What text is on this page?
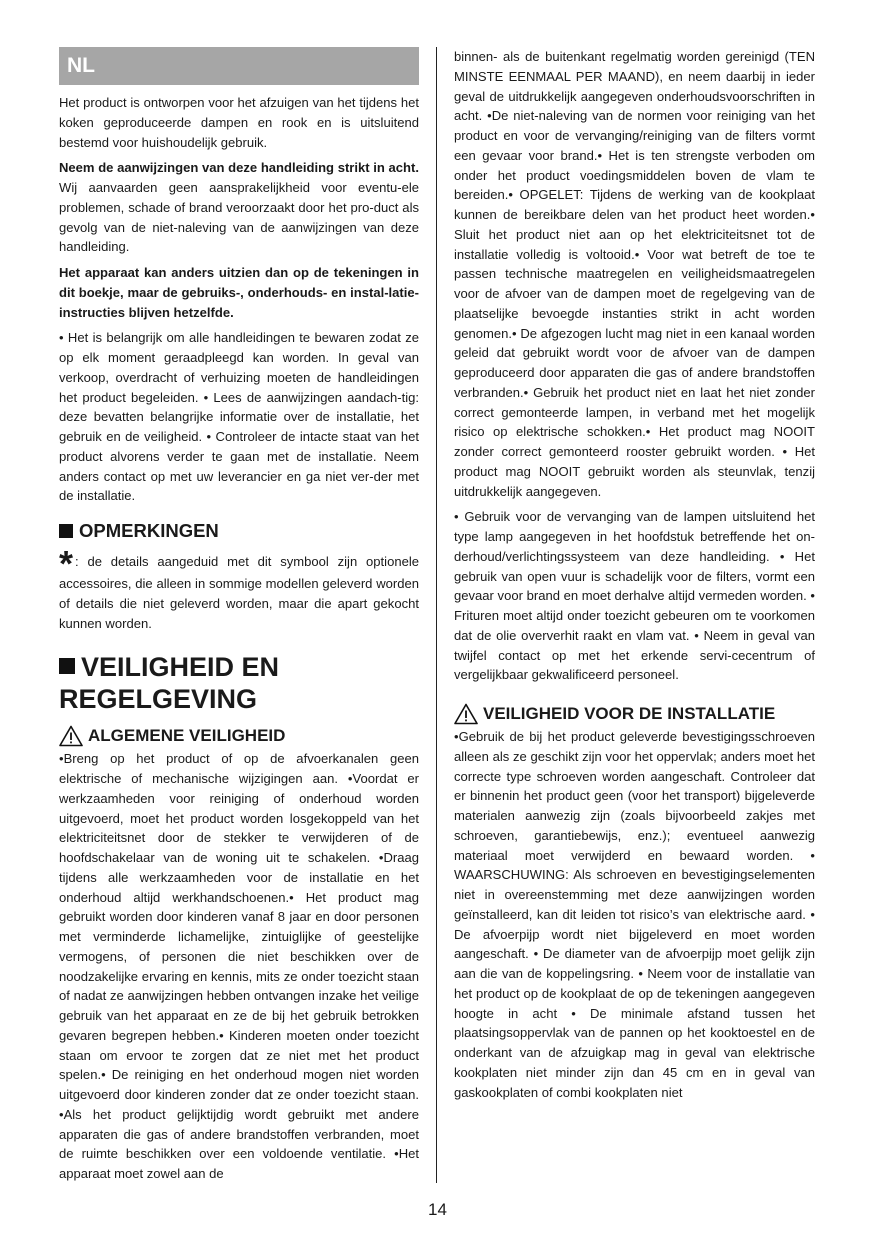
NL

Het product is ontworpen voor het afzuigen van het tijdens het koken geproduceerde dampen en rook en is uitsluitend bestemd voor huishoudelijk gebruik.

Neem de aanwijzingen van deze handleiding strikt in acht. Wij aanvaarden geen aansprakelijkheid voor eventu-ele problemen, schade of brand veroorzaakt door het pro-duct als gevolg van de niet-naleving van de aanwijzingen van deze handleiding.

Het apparaat kan anders uitzien dan op de tekeningen in dit boekje, maar de gebruiks-, onderhouds- en instal-latie-instructies blijven hetzelfde.

• Het is belangrijk om alle handleidingen te bewaren zodat ze op elk moment geraadpleegd kan worden. In geval van verkoop, overdracht of verhuizing moeten de handleidingen het product begeleiden. • Lees de aanwijzingen aandach-tig: deze bevatten belangrijke informatie over de installatie, het gebruik en de veiligheid. • Controleer de intacte staat van het product alvorens verder te gaan met de installatie. Neem anders contact op met uw leverancier en ga niet ver-der met de installatie.

OPMERKINGEN

* : de details aangeduid met dit symbool zijn optionele accessoires, die alleen in sommige modellen geleverd worden of details die niet geleverd worden, maar die apart gekocht kunnen worden.

VEILIGHEID EN
REGELGEVING
ALGEMENE VEILIGHEID

•Breng op het product of op de afvoerkanalen geen elektrische of mechanische wijzigingen aan. •Voordat er werkzaamheden voor reiniging of onderhoud worden uitgevoerd, moet het product worden losgekoppeld van het elektriciteitsnet door de stekker te verwijderen of de hoofdschakelaar van de woning uit te schakelen. •Draag tijdens alle werkzaamheden voor de installatie en het onderhoud altijd werkhandschoenen.• Het product mag gebruikt worden door kinderen vanaf 8 jaar en door personen met verminderde lichamelijke, zintuiglijke of geestelijke vermogens, of personen die niet beschikken over de noodzakelijke ervaring en kennis, mits ze onder toezicht staan of nadat ze aanwijzingen hebben ontvangen inzake het veilige gebruik van het apparaat en ze de bij het gebruik betrokken gevaren begrepen hebben.• Kinderen moeten onder toezicht staan om ervoor te zorgen dat ze niet met het product spelen.• De reiniging en het onderhoud mogen niet worden uitgevoerd door kinderen zonder dat ze onder toezicht staan. •Als het product gelijktijdig wordt gebruikt met andere apparaten die gas of andere brandstoffen verbranden, moet de ruimte beschikken over een voldoende ventilatie. •Het apparaat moet zowel aan de

binnen- als de buitenkant regelmatig worden gereinigd (TEN MINSTE EENMAAL PER MAAND), en neem daarbij in ieder geval de uitdrukkelijk aangegeven onderhoudsvoorschriften in acht. •De niet-naleving van de normen voor reiniging van het product en voor de vervanging/reiniging van de filters vormt een gevaar voor brand.• Het is ten strengste verboden om onder het product voedingsmiddelen boven de vlam te bereiden.• OPGELET: Tijdens de werking van de kookplaat kunnen de bereikbare delen van het product heet worden.• Sluit het product niet aan op het elektriciteitsnet tot de installatie volledig is voltooid.• Voor wat betreft de toe te passen technische maatregelen en veiligheidsmaatregelen voor de afvoer van de dampen moet de regelgeving van de plaatselijke bevoegde instanties strikt in acht worden genomen.• De afgezogen lucht mag niet in een kanaal worden geleid dat gebruikt wordt voor de afvoer van de dampen geproduceerd door apparaten die gas of andere brandstoffen verbranden.• Gebruik het product niet en laat het niet zonder correct gemonteerde lampen, in verband met het mogelijk risico op elektrische schokken.• Het product mag NOOIT zonder correct gemonteerd rooster gebruikt worden. • Het product mag NOOIT gebruikt worden als steunvlak, tenzij uitdrukkelijk aangegeven.

• Gebruik voor de vervanging van de lampen uitsluitend het type lamp aangegeven in het hoofdstuk betreffende het on-derhoud/verlichtingssysteem van deze handleiding. • Het gebruik van open vuur is schadelijk voor de filters, vormt een gevaar voor brand en moet derhalve altijd vermeden worden. • Frituren moet altijd onder toezicht gebeuren om te voorkomen dat de olie oververhit raakt en vlam vat. • Neem in geval van twijfel contact op met het erkende servi-cecentrum of vergelijkbaar gekwalificeerd personeel.

VEILIGHEID VOOR DE INSTALLATIE

•Gebruik de bij het product geleverde bevestigingsschroeven alleen als ze geschikt zijn voor het oppervlak; anders moet het correcte type schroeven worden aangeschaft. Controleer dat er binnenin het product geen (voor het transport) bijgeleverde materialen aanwezig zijn (zoals bijvoorbeeld zakjes met schroeven, garantiebewijs, enz.); eventueel aanwezig materiaal moet verwijderd en bewaard worden. • WAARSCHUWING: Als schroeven en bevestigingselementen niet in overeenstemming met deze aanwijzingen worden geïnstalleerd, kan dit leiden tot risico’s van elektrische aard. • De afvoerpijp wordt niet bijgeleverd en moet worden aangeschaft. • De diameter van de afvoerpijp moet gelijk zijn aan die van de koppelingsring. • Neem voor de installatie van het product op de kookplaat de op de tekeningen aangegeven hoogte in acht • De minimale afstand tussen het plaatsingsoppervlak van de pannen op het kooktoestel en de onderkant van de afzuigkap mag in geval van elektrische kookplaten niet minder zijn dan 45 cm en in geval van gaskookplaten of combi kookplaten niet

14
